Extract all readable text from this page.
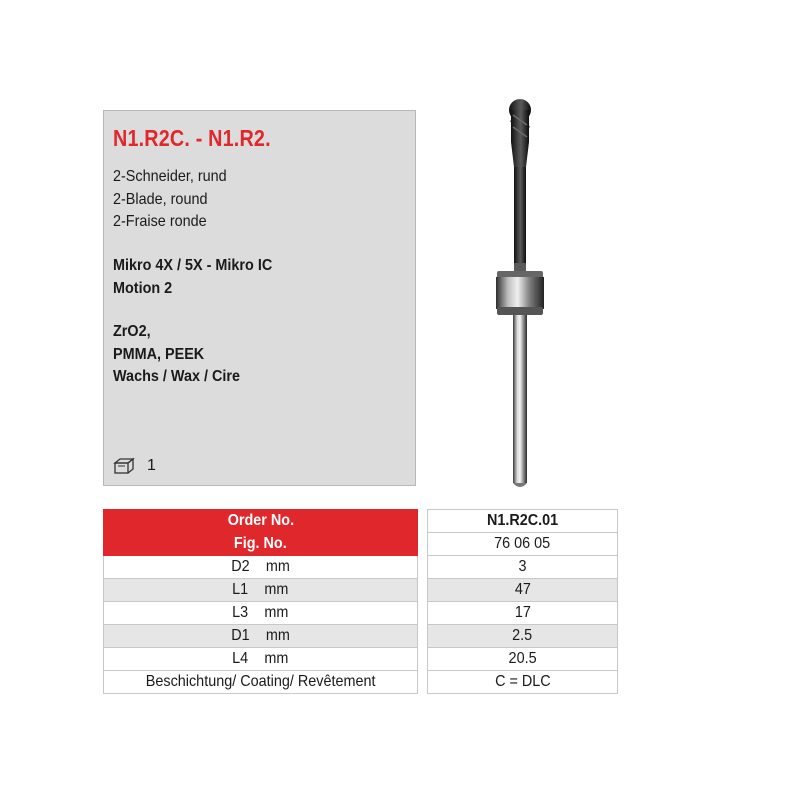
N1.R2C. - N1.R2.
2-Schneider, rund
2-Blade, round
2-Fraise ronde
Mikro 4X / 5X - Mikro IC
Motion 2
ZrO2,
PMMA, PEEK
Wachs / Wax / Cire
1
Order No.		N1.R2C.01
Fig. No.		76 06 05
D2 mm		3
L1 mm		47
L3 mm		17
D1 mm		2.5
L4 mm		20.5
Beschichtung/ Coating/ Revêtement		C = DLC
